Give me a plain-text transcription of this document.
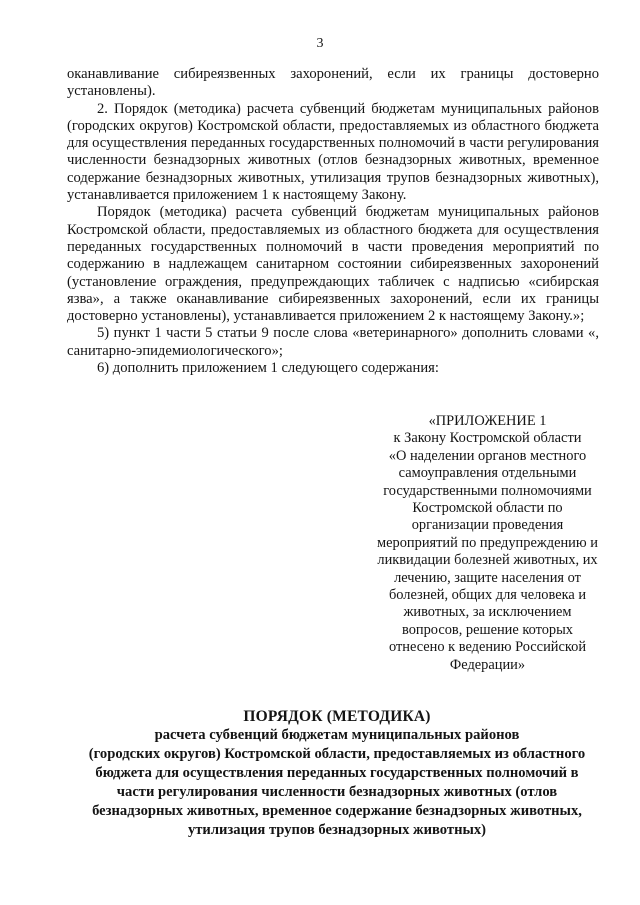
3

оканавливание сибиреязвенных захоронений, если их границы достоверно установлены).

2. Порядок (методика) расчета субвенций бюджетам муниципальных районов (городских округов) Костромской области, предоставляемых из областного бюджета для осуществления переданных государственных полномочий в части регулирования численности безнадзорных животных (отлов безнадзорных животных, временное содержание безнадзорных животных, утилизация трупов безнадзорных животных), устанавливается приложением 1 к настоящему Закону.

Порядок (методика) расчета субвенций бюджетам муниципальных районов Костромской области, предоставляемых из областного бюджета для осуществления переданных государственных полномочий в части проведения мероприятий по содержанию в надлежащем санитарном состоянии сибиреязвенных захоронений (установление ограждения, предупреждающих табличек с надписью «сибирская язва», а также оканавливание сибиреязвенных захоронений, если их границы достоверно установлены), устанавливается приложением 2 к настоящему Закону.»;

5) пункт 1 части 5 статьи 9 после слова «ветеринарного» дополнить словами «, санитарно-эпидемиологического»;

6) дополнить приложением 1 следующего содержания:

«ПРИЛОЖЕНИЕ 1
к Закону Костромской области
«О наделении органов местного
самоуправления отдельными
государственными полномочиями
Костромской области по
организации проведения
мероприятий по предупреждению и
ликвидации болезней животных, их
лечению, защите населения от
болезней, общих для человека и
животных, за исключением
вопросов, решение которых
отнесено к ведению Российской
Федерации»
ПОРЯДОК (МЕТОДИКА)
расчета субвенций бюджетам муниципальных районов
(городских округов) Костромской области, предоставляемых из областного
бюджета для осуществления переданных государственных полномочий в
части регулирования численности безнадзорных животных (отлов
безнадзорных животных, временное содержание безнадзорных животных,
утилизация трупов безнадзорных животных)
